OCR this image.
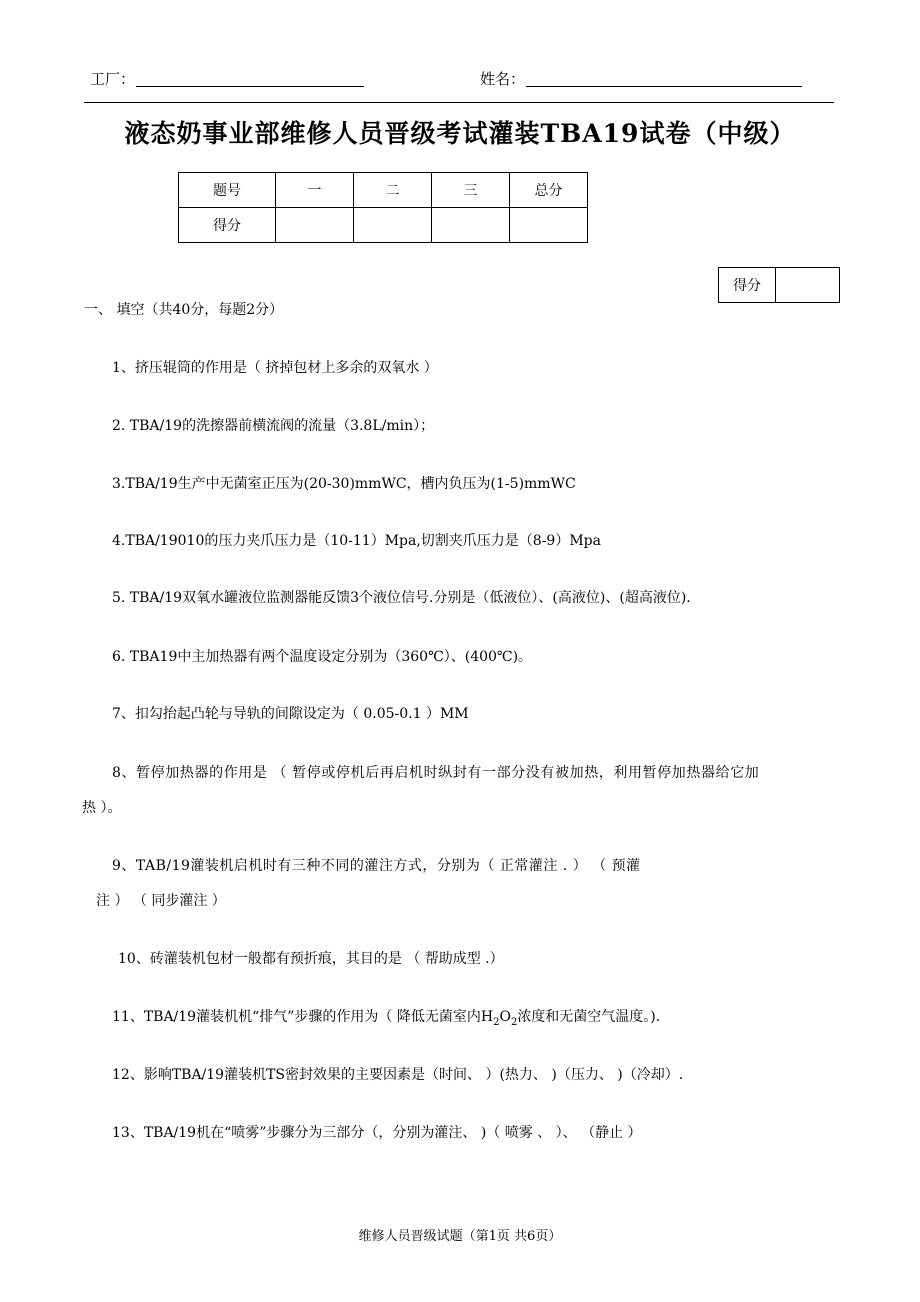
工厂：	姓名：
液态奶事业部维修人员晋级考试灌装TBA19试卷（中级）
题号	一	二	三	总分
得分				
得分	
一、 填空（共40分，每题2分）
1、挤压辊筒的作用是（ 挤掉包材上多余的双氧水 ）
2. TBA/19的洗擦器前横流阀的流量（3.8L/min）；
3.TBA/19生产中无菌室正压为(20-30)mmWC，槽内负压为(1-5)mmWC
4.TBA/19010的压力夹爪压力是（10-11）Mpa,切割夹爪压力是（8-9）Mpa
5. TBA/19双氧水罐液位监测器能反馈3个液位信号.分别是（低液位）、(高液位)、(超高液位).
6. TBA19中主加热器有两个温度设定分别为（360℃）、(400℃)。
7、扣勾抬起凸轮与导轨的间隙设定为（ 0.05-0.1 ）MM
8、暂停加热器的作用是 （ 暂停或停机后再启机时纵封有一部分没有被加热，利用暂停加热器给它加
热 ）。
9、TAB/19灌装机启机时有三种不同的灌注方式，分别为（ 正常灌注 . ） （ 预灌
注 ） （ 同步灌注 ）
10、砖灌装机包材一般都有预折痕，其目的是 （ 帮助成型 .）
11、TBA/19灌装机机“排气”步骤的作用为（ 降低无菌室内$H_2O_2$浓度和无菌空气温度。).
12、影响TBA/19灌装机TS密封效果的主要因素是（时间、 ）(热力、 )（压力、 )（冷却）.
13、TBA/19机在“喷雾”步骤分为三部分（，分别为灌注、 )（ 喷雾 、 ）、 （静止 ）
维修人员晋级试题（第1页 共6页）
